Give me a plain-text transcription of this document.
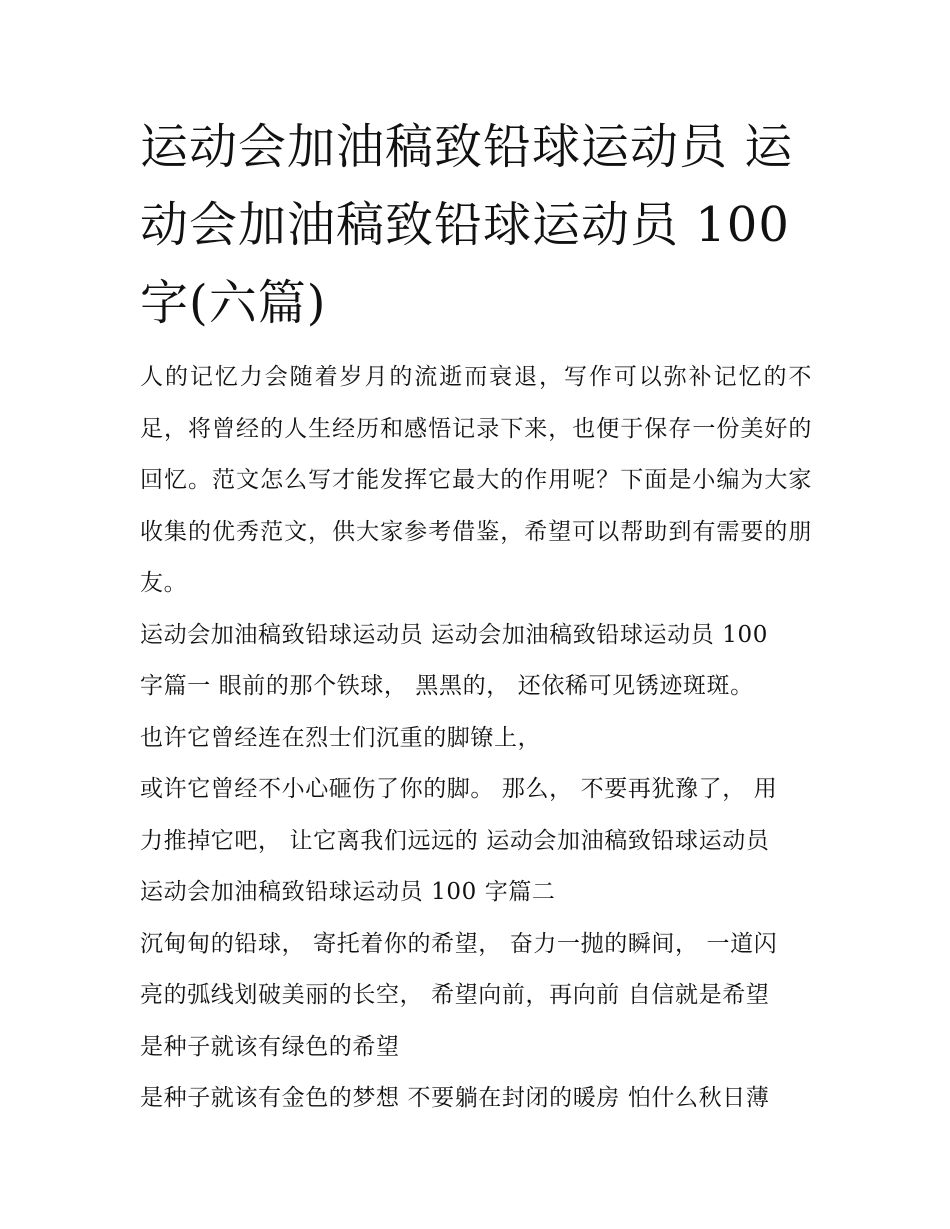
运动会加油稿致铅球运动员 运动会加油稿致铅球运动员 100 字(六篇)

人的记忆力会随着岁月的流逝而衰退，写作可以弥补记忆的不足，将曾经的人生经历和感悟记录下来，也便于保存一份美好的回忆。范文怎么写才能发挥它最大的作用呢？下面是小编为大家收集的优秀范文，供大家参考借鉴，希望可以帮助到有需要的朋友。

运动会加油稿致铅球运动员 运动会加油稿致铅球运动员 100

字篇一 眼前的那个铁球， 黑黑的， 还依稀可见锈迹斑斑。

也许它曾经连在烈士们沉重的脚镣上，

或许它曾经不小心砸伤了你的脚。 那么， 不要再犹豫了， 用

力推掉它吧， 让它离我们远远的 运动会加油稿致铅球运动员

运动会加油稿致铅球运动员 100 字篇二

沉甸甸的铅球， 寄托着你的希望， 奋力一抛的瞬间， 一道闪

亮的弧线划破美丽的长空， 希望向前，再向前 自信就是希望

是种子就该有绿色的希望

是种子就该有金色的梦想 不要躺在封闭的暖房 怕什么秋日薄
